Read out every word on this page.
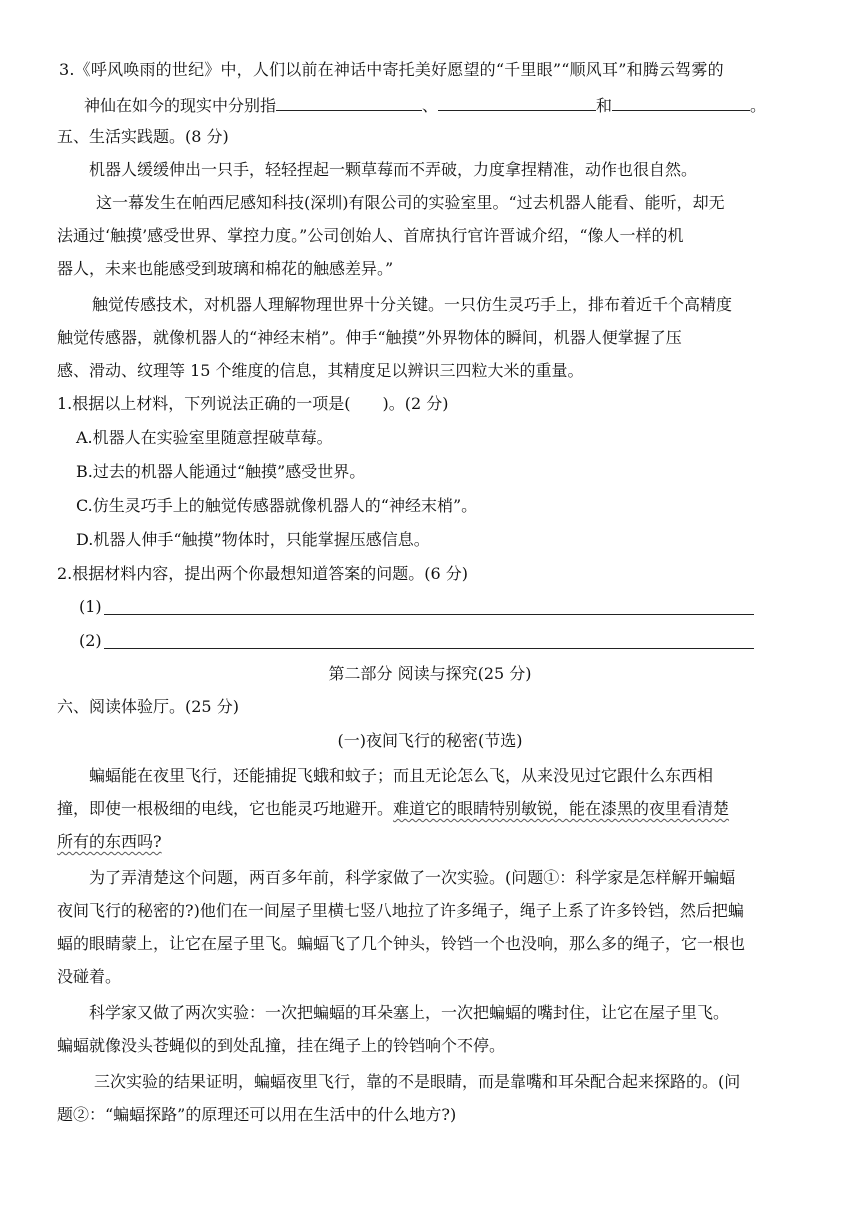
3.《呼风唤雨的世纪》中，人们以前在神话中寄托美好愿望的“千里眼”“顺风耳”和腾云驾雾的
神仙在如今的现实中分别指	、	和	。
五、生活实践题。(8 分)
机器人缓缓伸出一只手，轻轻捏起一颗草莓而不弄破，力度拿捏精准，动作也很自然。
这一幕发生在帕西尼感知科技(深圳)有限公司的实验室里。“过去机器人能看、能听，却无
法通过‘触摸’感受世界、掌控力度。”公司创始人、首席执行官许晋诚介绍，“像人一样的机
器人，未来也能感受到玻璃和棉花的触感差异。”
触觉传感技术，对机器人理解物理世界十分关键。一只仿生灵巧手上，排布着近千个高精度
触觉传感器，就像机器人的“神经末梢”。伸手“触摸”外界物体的瞬间，机器人便掌握了压
感、滑动、纹理等 15 个维度的信息，其精度足以辨识三四粒大米的重量。
1.根据以上材料，下列说法正确的一项是(　　)。(2 分)
A.机器人在实验室里随意捏破草莓。
B.过去的机器人能通过“触摸”感受世界。
C.仿生灵巧手上的触觉传感器就像机器人的“神经末梢”。
D.机器人伸手“触摸”物体时，只能掌握压感信息。
2.根据材料内容，提出两个你最想知道答案的问题。(6 分)
(1)
(2)
第二部分 阅读与探究(25 分)
六、阅读体验厅。(25 分)
(一)夜间飞行的秘密(节选)
蝙蝠能在夜里飞行，还能捕捉飞蛾和蚊子；而且无论怎么飞，从来没见过它跟什么东西相
撞，即使一根极细的电线，它也能灵巧地避开。难道它的眼睛特别敏锐，能在漆黑的夜里看清楚
所有的东西吗?
为了弄清楚这个问题，两百多年前，科学家做了一次实验。(问题①：科学家是怎样解开蝙蝠
夜间飞行的秘密的?)他们在一间屋子里横七竖八地拉了许多绳子，绳子上系了许多铃铛，然后把蝙
蝠的眼睛蒙上，让它在屋子里飞。蝙蝠飞了几个钟头，铃铛一个也没响，那么多的绳子，它一根也
没碰着。
科学家又做了两次实验：一次把蝙蝠的耳朵塞上，一次把蝙蝠的嘴封住，让它在屋子里飞。
蝙蝠就像没头苍蝇似的到处乱撞，挂在绳子上的铃铛响个不停。
三次实验的结果证明，蝙蝠夜里飞行，靠的不是眼睛，而是靠嘴和耳朵配合起来探路的。(问
题②：“蝙蝠探路”的原理还可以用在生活中的什么地方?)
